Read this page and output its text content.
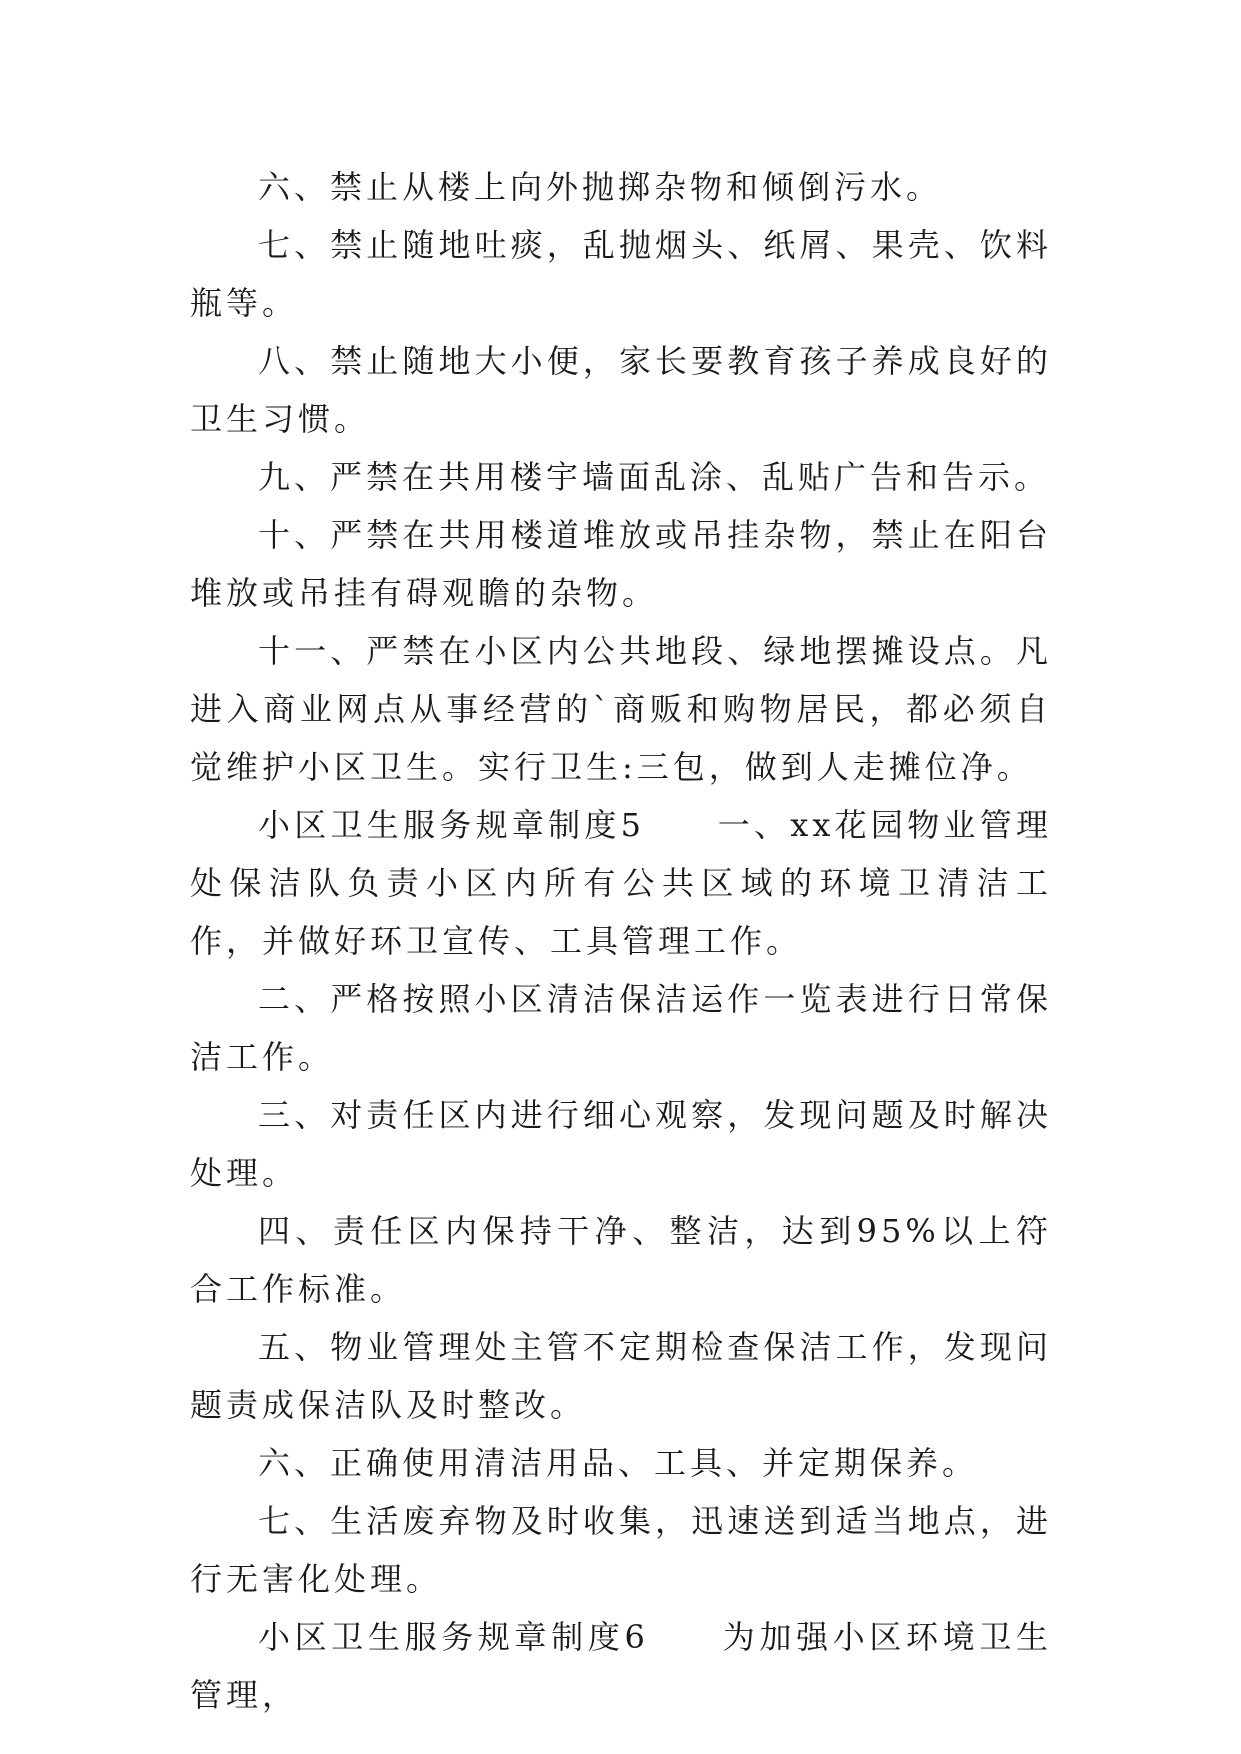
六、禁止从楼上向外抛掷杂物和倾倒污水。

七、禁止随地吐痰，乱抛烟头、纸屑、果壳、饮料瓶等。

八、禁止随地大小便，家长要教育孩子养成良好的卫生习惯。

九、严禁在共用楼宇墙面乱涂、乱贴广告和告示。

十、严禁在共用楼道堆放或吊挂杂物，禁止在阳台堆放或吊挂有碍观瞻的杂物。

十一、严禁在小区内公共地段、绿地摆摊设点。凡进入商业网点从事经营的`商贩和购物居民，都必须自觉维护小区卫生。实行卫生:三包，做到人走摊位净。

小区卫生服务规章制度5　　一、xx花园物业管理处保洁队负责小区内所有公共区域的环境卫清洁工作，并做好环卫宣传、工具管理工作。

二、严格按照小区清洁保洁运作一览表进行日常保洁工作。

三、对责任区内进行细心观察，发现问题及时解决处理。

四、责任区内保持干净、整洁，达到95%以上符合工作标准。

五、物业管理处主管不定期检查保洁工作，发现问题责成保洁队及时整改。

六、正确使用清洁用品、工具、并定期保养。

七、生活废弃物及时收集，迅速送到适当地点，进行无害化处理。

小区卫生服务规章制度6　　为加强小区环境卫生管理，
